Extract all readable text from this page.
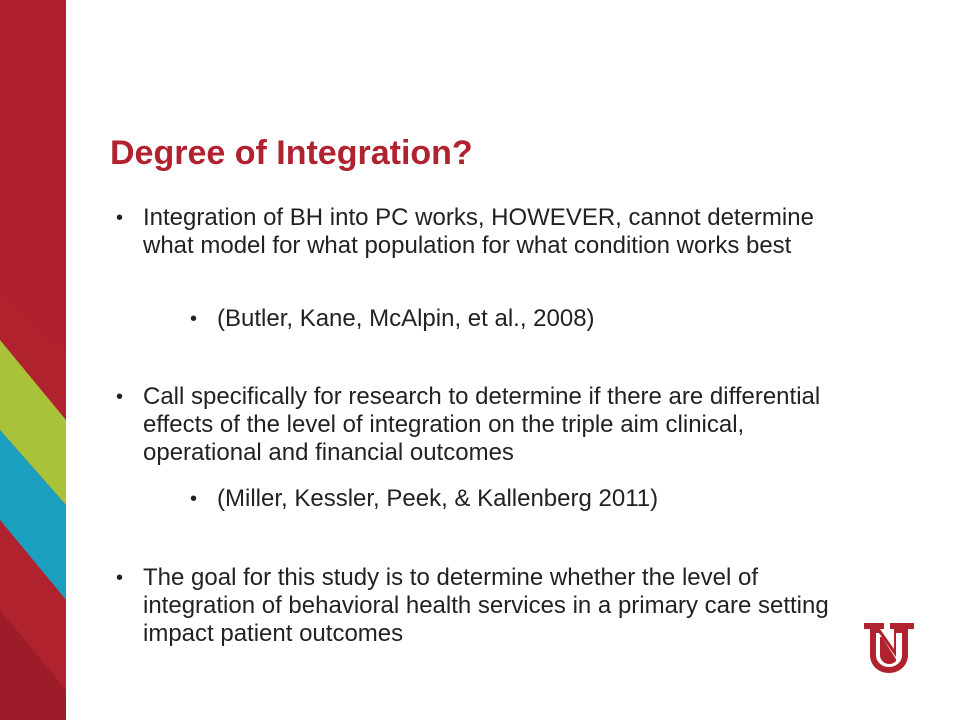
Degree of Integration?

• Integration of BH into PC works, HOWEVER, cannot determine what model for what population for what condition works best

• (Butler, Kane, McAlpin, et al., 2008)

• Call specifically for research to determine if there are differential effects of the level of integration on the triple aim clinical, operational and financial outcomes

• (Miller, Kessler, Peek, & Kallenberg 2011)

• The goal for this study is to determine whether the level of integration of behavioral health services in a primary care setting impact patient outcomes
